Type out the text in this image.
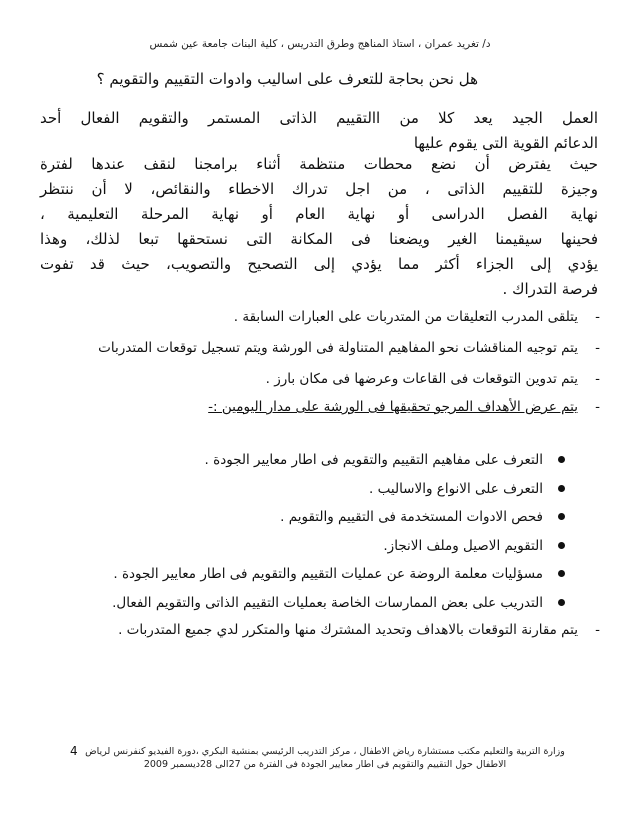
د/ تغريد عمران ، استاذ المناهج وطرق التدريس ، كلية البنات جامعة عين شمس
هل نحن بحاجة للتعرف على اساليب وادوات التقييم والتقويم ؟
العمل الجيد يعد كلا من االتقييم الذاتى المستمر والتقويم الفعال أحد
الدعائم القوية التى يقوم عليها
حيث يفترض أن نضع محطات منتظمة أثناء برامجنا لنقف عندها لفترة
وجيزة للتقييم الذاتى ، من اجل تدراك الاخطاء والنقائص، لا أن ننتظر
نهاية الفصل الدراسى أو نهاية العام أو نهاية المرحلة التعليمية ،
فحينها سيقيمنا الغير ويضعنا فى المكانة التى نستحقها تبعا لذلك، وهذا
يؤدي إلى الجزاء أكثر مما يؤدي إلى التصحيح والتصويب، حيث قد تفوت
فرصة التدراك .
-
يتلقى المدرب التعليقات من المتدربات على العبارات السابقة .
-
يتم توجيه المناقشات نحو المفاهيم المتناولة فى الورشة ويتم تسجيل توقعات المتدربات
-
يتم تدوين التوقعات فى القاعات وعرضها فى مكان بارز .
-
يتم عرض الأهداف المرجو تحقيقها فى الورشة على مدار اليومين :-
التعرف على مفاهيم التقييم والتقويم فى اطار معايير الجودة .
التعرف على الانواع والاساليب .
فحص الادوات المستخدمة فى التقييم والتقويم .
التقويم الاصيل وملف الانجاز.
مسؤليات معلمة الروضة عن عمليات التقييم والتقويم فى اطار معايير الجودة .
التدريب على بعض الممارسات الخاصة بعمليات التقييم الذاتى والتقويم الفعال.
-
يتم مقارنة التوقعات بالاهداف وتحديد المشترك منها والمتكرر لدي جميع المتدربات .
وزارة التربية والتعليم مكتب مستشارة رياض الاطفال ، مركز التدريب الرئيسي بمنشية البكري ،دورة الفيديو كنفرنس لرياض
الاطفال حول التقييم والتقويم فى اطار معايير الجودة فى الفترة من 27الى 28ديسمبر 2009
4
